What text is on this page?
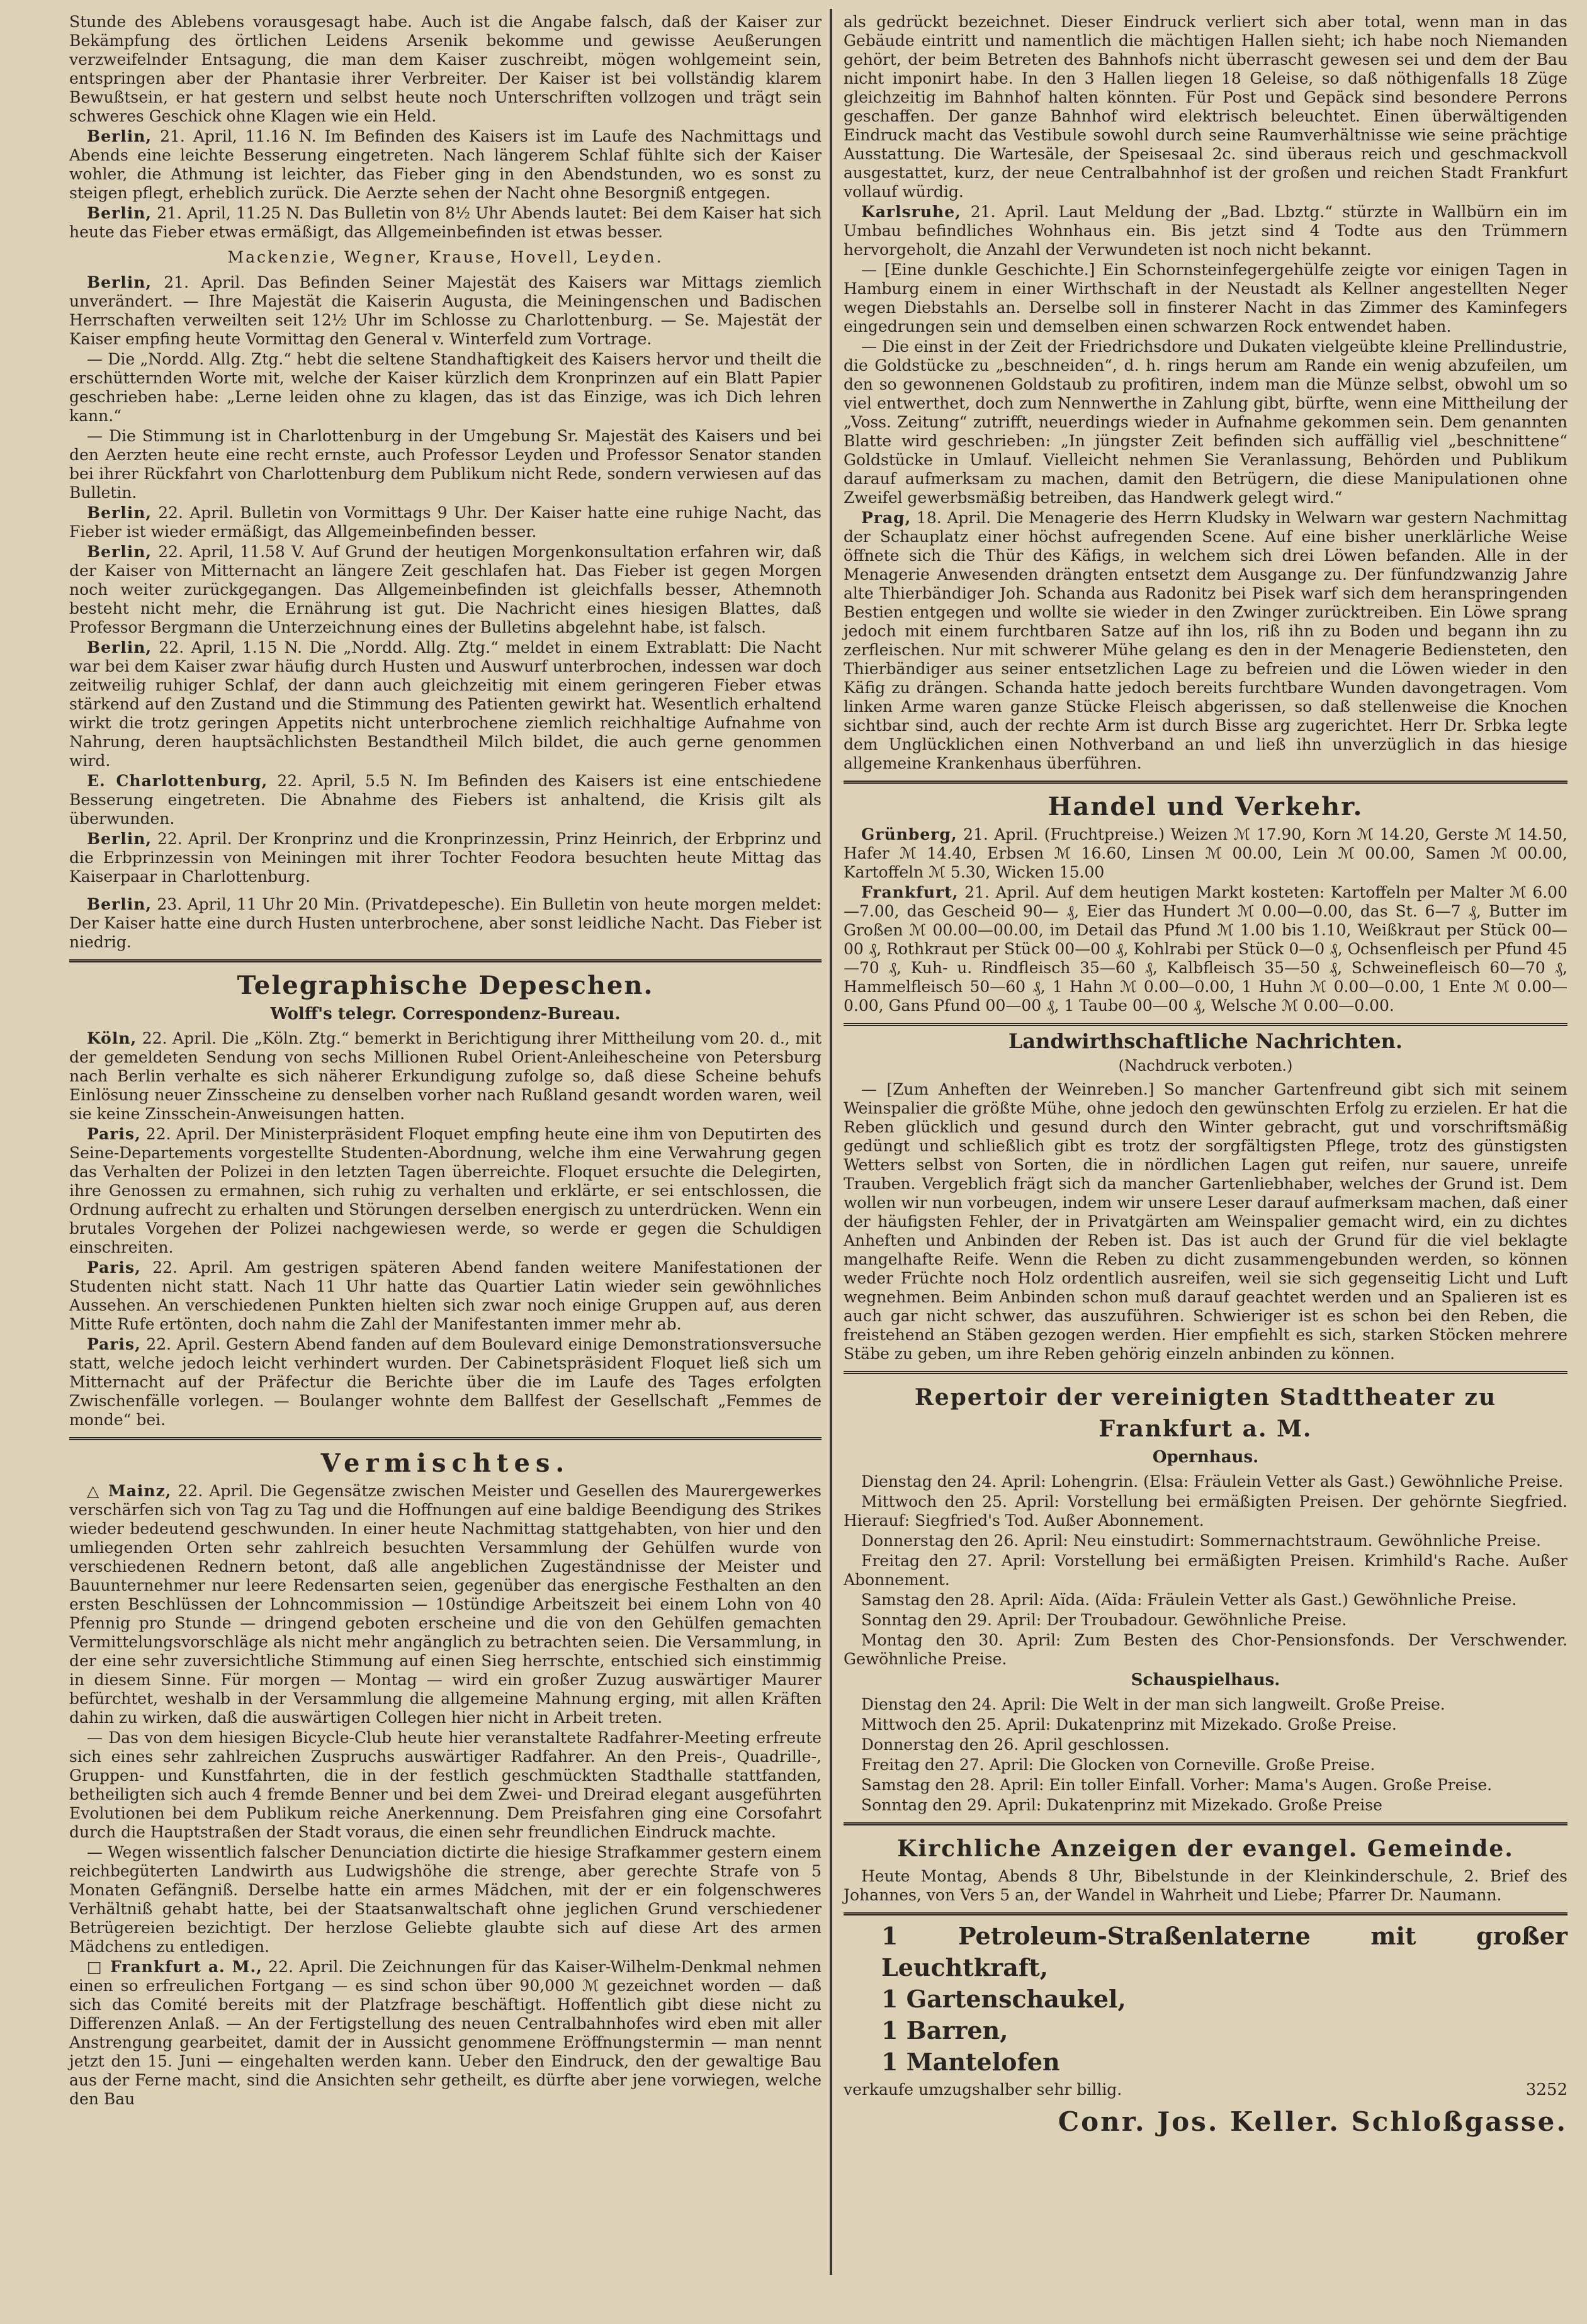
Stunde des Ablebens vorausgesagt habe. Auch ist die Angabe falsch, daß der Kaiser zur Bekämpfung des örtlichen Leidens Arsenik bekomme und gewisse Aeußerungen verzweifelnder Entsagung, die man dem Kaiser zuschreibt, mögen wohlgemeint sein, entspringen aber der Phantasie ihrer Verbreiter. Der Kaiser ist bei vollständig klarem Bewußtsein, er hat gestern und selbst heute noch Unterschriften vollzogen und trägt sein schweres Geschick ohne Klagen wie ein Held.

Berlin, 21. April, 11.16 N. Im Befinden des Kaisers ist im Laufe des Nachmittags und Abends eine leichte Besserung eingetreten. Nach längerem Schlaf fühlte sich der Kaiser wohler, die Athmung ist leichter, das Fieber ging in den Abendstunden, wo es sonst zu steigen pflegt, erheblich zurück. Die Aerzte sehen der Nacht ohne Besorgniß entgegen.

Berlin, 21. April, 11.25 N. Das Bulletin von 8½ Uhr Abends lautet: Bei dem Kaiser hat sich heute das Fieber etwas ermäßigt, das Allgemeinbefinden ist etwas besser.

Mackenzie, Wegner, Krause, Hovell, Leyden.

Berlin, 21. April. Das Befinden Seiner Majestät des Kaisers war Mittags ziemlich unverändert. — Ihre Majestät die Kaiserin Augusta, die Meiningenschen und Badischen Herrschaften verweilten seit 12½ Uhr im Schlosse zu Charlottenburg. — Se. Majestät der Kaiser empfing heute Vormittag den General v. Winterfeld zum Vortrage.

— Die „Nordd. Allg. Ztg.“ hebt die seltene Standhaftigkeit des Kaisers hervor und theilt die erschütternden Worte mit, welche der Kaiser kürzlich dem Kronprinzen auf ein Blatt Papier geschrieben habe: „Lerne leiden ohne zu klagen, das ist das Einzige, was ich Dich lehren kann.“

— Die Stimmung ist in Charlottenburg in der Umgebung Sr. Majestät des Kaisers und bei den Aerzten heute eine recht ernste, auch Professor Leyden und Professor Senator standen bei ihrer Rückfahrt von Charlottenburg dem Publikum nicht Rede, sondern verwiesen auf das Bulletin.

Berlin, 22. April. Bulletin von Vormittags 9 Uhr. Der Kaiser hatte eine ruhige Nacht, das Fieber ist wieder ermäßigt, das Allgemeinbefinden besser.

Berlin, 22. April, 11.58 V. Auf Grund der heutigen Morgenkonsultation erfahren wir, daß der Kaiser von Mitternacht an längere Zeit geschlafen hat. Das Fieber ist gegen Morgen noch weiter zurückgegangen. Das Allgemeinbefinden ist gleichfalls besser, Athemnoth besteht nicht mehr, die Ernährung ist gut. Die Nachricht eines hiesigen Blattes, daß Professor Bergmann die Unterzeichnung eines der Bulletins abgelehnt habe, ist falsch.

Berlin, 22. April, 1.15 N. Die „Nordd. Allg. Ztg.“ meldet in einem Extrablatt: Die Nacht war bei dem Kaiser zwar häufig durch Husten und Auswurf unterbrochen, indessen war doch zeitweilig ruhiger Schlaf, der dann auch gleichzeitig mit einem geringeren Fieber etwas stärkend auf den Zustand und die Stimmung des Patienten gewirkt hat. Wesentlich erhaltend wirkt die trotz geringen Appetits nicht unterbrochene ziemlich reichhaltige Aufnahme von Nahrung, deren hauptsächlichsten Bestandtheil Milch bildet, die auch gerne genommen wird.

E. Charlottenburg, 22. April, 5.5 N. Im Befinden des Kaisers ist eine entschiedene Besserung eingetreten. Die Abnahme des Fiebers ist anhaltend, die Krisis gilt als überwunden.

Berlin, 22. April. Der Kronprinz und die Kronprinzessin, Prinz Heinrich, der Erbprinz und die Erbprinzessin von Meiningen mit ihrer Tochter Feodora besuchten heute Mittag das Kaiserpaar in Charlottenburg.

Berlin, 23. April, 11 Uhr 20 Min. (Privatdepesche). Ein Bulletin von heute morgen meldet: Der Kaiser hatte eine durch Husten unterbrochene, aber sonst leidliche Nacht. Das Fieber ist niedrig.

Telegraphische Depeschen.
Wolff's telegr. Correspondenz-Bureau.

Köln, 22. April. Die „Köln. Ztg.“ bemerkt in Berichtigung ihrer Mittheilung vom 20. d., mit der gemeldeten Sendung von sechs Millionen Rubel Orient-Anleihescheine von Petersburg nach Berlin verhalte es sich näherer Erkundigung zufolge so, daß diese Scheine behufs Einlösung neuer Zinsscheine zu denselben vorher nach Rußland gesandt worden waren, weil sie keine Zinsschein-Anweisungen hatten.

Paris, 22. April. Der Ministerpräsident Floquet empfing heute eine ihm von Deputirten des Seine-Departements vorgestellte Studenten-Abordnung, welche ihm eine Verwahrung gegen das Verhalten der Polizei in den letzten Tagen überreichte. Floquet ersuchte die Delegirten, ihre Genossen zu ermahnen, sich ruhig zu verhalten und erklärte, er sei entschlossen, die Ordnung aufrecht zu erhalten und Störungen derselben energisch zu unterdrücken. Wenn ein brutales Vorgehen der Polizei nachgewiesen werde, so werde er gegen die Schuldigen einschreiten.

Paris, 22. April. Am gestrigen späteren Abend fanden weitere Manifestationen der Studenten nicht statt. Nach 11 Uhr hatte das Quartier Latin wieder sein gewöhnliches Aussehen. An verschiedenen Punkten hielten sich zwar noch einige Gruppen auf, aus deren Mitte Rufe ertönten, doch nahm die Zahl der Manifestanten immer mehr ab.

Paris, 22. April. Gestern Abend fanden auf dem Boulevard einige Demonstrationsversuche statt, welche jedoch leicht verhindert wurden. Der Cabinetspräsident Floquet ließ sich um Mitternacht auf der Präfectur die Berichte über die im Laufe des Tages erfolgten Zwischenfälle vorlegen. — Boulanger wohnte dem Ballfest der Gesellschaft „Femmes de monde“ bei.

Vermischtes.

△ Mainz, 22. April. Die Gegensätze zwischen Meister und Gesellen des Maurergewerkes verschärfen sich von Tag zu Tag und die Hoffnungen auf eine baldige Beendigung des Strikes wieder bedeutend geschwunden. In einer heute Nachmittag stattgehabten, von hier und den umliegenden Orten sehr zahlreich besuchten Versammlung der Gehülfen wurde von verschiedenen Rednern betont, daß alle angeblichen Zugeständnisse der Meister und Bauunternehmer nur leere Redensarten seien, gegenüber das energische Festhalten an den ersten Beschlüssen der Lohncommission — 10stündige Arbeitszeit bei einem Lohn von 40 Pfennig pro Stunde — dringend geboten erscheine und die von den Gehülfen gemachten Vermittelungsvorschläge als nicht mehr angänglich zu betrachten seien. Die Versammlung, in der eine sehr zuversichtliche Stimmung auf einen Sieg herrschte, entschied sich einstimmig in diesem Sinne. Für morgen — Montag — wird ein großer Zuzug auswärtiger Maurer befürchtet, weshalb in der Versammlung die allgemeine Mahnung erging, mit allen Kräften dahin zu wirken, daß die auswärtigen Collegen hier nicht in Arbeit treten.

— Das von dem hiesigen Bicycle-Club heute hier veranstaltete Radfahrer-Meeting erfreute sich eines sehr zahlreichen Zuspruchs auswärtiger Radfahrer. An den Preis-, Quadrille-, Gruppen- und Kunstfahrten, die in der festlich geschmückten Stadthalle stattfanden, betheiligten sich auch 4 fremde Benner und bei dem Zwei- und Dreirad elegant ausgeführten Evolutionen bei dem Publikum reiche Anerkennung. Dem Preisfahren ging eine Corsofahrt durch die Hauptstraßen der Stadt voraus, die einen sehr freundlichen Eindruck machte.

— Wegen wissentlich falscher Denunciation dictirte die hiesige Strafkammer gestern einem reichbegüterten Landwirth aus Ludwigshöhe die strenge, aber gerechte Strafe von 5 Monaten Gefängniß. Derselbe hatte ein armes Mädchen, mit der er ein folgenschweres Verhältniß gehabt hatte, bei der Staatsanwaltschaft ohne jeglichen Grund verschiedener Betrügereien bezichtigt. Der herzlose Geliebte glaubte sich auf diese Art des armen Mädchens zu entledigen.

□ Frankfurt a. M., 22. April. Die Zeichnungen für das Kaiser-Wilhelm-Denkmal nehmen einen so erfreulichen Fortgang — es sind schon über 90,000 ℳ gezeichnet worden — daß sich das Comité bereits mit der Platzfrage beschäftigt. Hoffentlich gibt diese nicht zu Differenzen Anlaß. — An der Fertigstellung des neuen Centralbahnhofes wird eben mit aller Anstrengung gearbeitet, damit der in Aussicht genommene Eröffnungstermin — man nennt jetzt den 15. Juni — eingehalten werden kann. Ueber den Eindruck, den der gewaltige Bau aus der Ferne macht, sind die Ansichten sehr getheilt, es dürfte aber jene vorwiegen, welche den Bau

als gedrückt bezeichnet. Dieser Eindruck verliert sich aber total, wenn man in das Gebäude eintritt und namentlich die mächtigen Hallen sieht; ich habe noch Niemanden gehört, der beim Betreten des Bahnhofs nicht überrascht gewesen sei und dem der Bau nicht imponirt habe. In den 3 Hallen liegen 18 Geleise, so daß nöthigenfalls 18 Züge gleichzeitig im Bahnhof halten könnten. Für Post und Gepäck sind besondere Perrons geschaffen. Der ganze Bahnhof wird elektrisch beleuchtet. Einen überwältigenden Eindruck macht das Vestibule sowohl durch seine Raumverhältnisse wie seine prächtige Ausstattung. Die Wartesäle, der Speisesaal 2c. sind überaus reich und geschmackvoll ausgestattet, kurz, der neue Centralbahnhof ist der großen und reichen Stadt Frankfurt vollauf würdig.

Karlsruhe, 21. April. Laut Meldung der „Bad. Lbztg.“ stürzte in Wallbürn ein im Umbau befindliches Wohnhaus ein. Bis jetzt sind 4 Todte aus den Trümmern hervorgeholt, die Anzahl der Verwundeten ist noch nicht bekannt.

— [Eine dunkle Geschichte.] Ein Schornsteinfegergehülfe zeigte vor einigen Tagen in Hamburg einem in einer Wirthschaft in der Neustadt als Kellner angestellten Neger wegen Diebstahls an. Derselbe soll in finsterer Nacht in das Zimmer des Kaminfegers eingedrungen sein und demselben einen schwarzen Rock entwendet haben.

— Die einst in der Zeit der Friedrichsdore und Dukaten vielgeübte kleine Prellindustrie, die Goldstücke zu „beschneiden“, d. h. rings herum am Rande ein wenig abzufeilen, um den so gewonnenen Goldstaub zu profitiren, indem man die Münze selbst, obwohl um so viel entwerthet, doch zum Nennwerthe in Zahlung gibt, bürfte, wenn eine Mittheilung der „Voss. Zeitung“ zutrifft, neuerdings wieder in Aufnahme gekommen sein. Dem genannten Blatte wird geschrieben: „In jüngster Zeit befinden sich auffällig viel „beschnittene“ Goldstücke in Umlauf. Vielleicht nehmen Sie Veranlassung, Behörden und Publikum darauf aufmerksam zu machen, damit den Betrügern, die diese Manipulationen ohne Zweifel gewerbsmäßig betreiben, das Handwerk gelegt wird.“

Prag, 18. April. Die Menagerie des Herrn Kludsky in Welwarn war gestern Nachmittag der Schauplatz einer höchst aufregenden Scene. Auf eine bisher unerklärliche Weise öffnete sich die Thür des Käfigs, in welchem sich drei Löwen befanden. Alle in der Menagerie Anwesenden drängten entsetzt dem Ausgange zu. Der fünfundzwanzig Jahre alte Thierbändiger Joh. Schanda aus Radonitz bei Pisek warf sich dem heranspringenden Bestien entgegen und wollte sie wieder in den Zwinger zurücktreiben. Ein Löwe sprang jedoch mit einem furchtbaren Satze auf ihn los, riß ihn zu Boden und begann ihn zu zerfleischen. Nur mit schwerer Mühe gelang es den in der Menagerie Bediensteten, den Thierbändiger aus seiner entsetzlichen Lage zu befreien und die Löwen wieder in den Käfig zu drängen. Schanda hatte jedoch bereits furchtbare Wunden davongetragen. Vom linken Arme waren ganze Stücke Fleisch abgerissen, so daß stellenweise die Knochen sichtbar sind, auch der rechte Arm ist durch Bisse arg zugerichtet. Herr Dr. Srbka legte dem Unglücklichen einen Nothverband an und ließ ihn unverzüglich in das hiesige allgemeine Krankenhaus überführen.

Handel und Verkehr.

Grünberg, 21. April. (Fruchtpreise.) Weizen ℳ 17.90, Korn ℳ 14.20, Gerste ℳ 14.50, Hafer ℳ 14.40, Erbsen ℳ 16.60, Linsen ℳ 00.00, Lein ℳ 00.00, Samen ℳ 00.00, Kartoffeln ℳ 5.30, Wicken 15.00

Frankfurt, 21. April. Auf dem heutigen Markt kosteten: Kartoffeln per Malter ℳ 6.00—7.00, das Gescheid 90— ₰, Eier das Hundert ℳ 0.00—0.00, das St. 6—7 ₰, Butter im Großen ℳ 00.00—00.00, im Detail das Pfund ℳ 1.00 bis 1.10, Weißkraut per Stück 00—00 ₰, Rothkraut per Stück 00—00 ₰, Kohlrabi per Stück 0—0 ₰, Ochsenfleisch per Pfund 45—70 ₰, Kuh- u. Rindfleisch 35—60 ₰, Kalbfleisch 35—50 ₰, Schweinefleisch 60—70 ₰, Hammelfleisch 50—60 ₰, 1 Hahn ℳ 0.00—0.00, 1 Huhn ℳ 0.00—0.00, 1 Ente ℳ 0.00—0.00, Gans Pfund 00—00 ₰, 1 Taube 00—00 ₰, Welsche ℳ 0.00—0.00.

Landwirthschaftliche Nachrichten.

(Nachdruck verboten.)

— [Zum Anheften der Weinreben.] So mancher Gartenfreund gibt sich mit seinem Weinspalier die größte Mühe, ohne jedoch den gewünschten Erfolg zu erzielen. Er hat die Reben glücklich und gesund durch den Winter gebracht, gut und vorschriftsmäßig gedüngt und schließlich gibt es trotz der sorgfältigsten Pflege, trotz des günstigsten Wetters selbst von Sorten, die in nördlichen Lagen gut reifen, nur sauere, unreife Trauben. Vergeblich frägt sich da mancher Gartenliebhaber, welches der Grund ist. Dem wollen wir nun vorbeugen, indem wir unsere Leser darauf aufmerksam machen, daß einer der häufigsten Fehler, der in Privatgärten am Weinspalier gemacht wird, ein zu dichtes Anheften und Anbinden der Reben ist. Das ist auch der Grund für die viel beklagte mangelhafte Reife. Wenn die Reben zu dicht zusammengebunden werden, so können weder Früchte noch Holz ordentlich ausreifen, weil sie sich gegenseitig Licht und Luft wegnehmen. Beim Anbinden schon muß darauf geachtet werden und an Spalieren ist es auch gar nicht schwer, das auszuführen. Schwieriger ist es schon bei den Reben, die freistehend an Stäben gezogen werden. Hier empfiehlt es sich, starken Stöcken mehrere Stäbe zu geben, um ihre Reben gehörig einzeln anbinden zu können.

Repertoir der vereinigten Stadttheater zu Frankfurt a. M.
Opernhaus.

Dienstag den 24. April: Lohengrin. (Elsa: Fräulein Vetter als Gast.) Gewöhnliche Preise.

Mittwoch den 25. April: Vorstellung bei ermäßigten Preisen. Der gehörnte Siegfried. Hierauf: Siegfried's Tod. Außer Abonnement.

Donnerstag den 26. April: Neu einstudirt: Sommernachtstraum. Gewöhnliche Preise.

Freitag den 27. April: Vorstellung bei ermäßigten Preisen. Krimhild's Rache. Außer Abonnement.

Samstag den 28. April: Aïda. (Aïda: Fräulein Vetter als Gast.) Gewöhnliche Preise.

Sonntag den 29. April: Der Troubadour. Gewöhnliche Preise.

Montag den 30. April: Zum Besten des Chor-Pensionsfonds. Der Verschwender. Gewöhnliche Preise.

Schauspielhaus.

Dienstag den 24. April: Die Welt in der man sich langweilt. Große Preise.

Mittwoch den 25. April: Dukatenprinz mit Mizekado. Große Preise.

Donnerstag den 26. April geschlossen.

Freitag den 27. April: Die Glocken von Corneville. Große Preise.

Samstag den 28. April: Ein toller Einfall. Vorher: Mama's Augen. Große Preise.

Sonntag den 29. April: Dukatenprinz mit Mizekado. Große Preise

Kirchliche Anzeigen der evangel. Gemeinde.

Heute Montag, Abends 8 Uhr, Bibelstunde in der Kleinkinderschule, 2. Brief des Johannes, von Vers 5 an, der Wandel in Wahrheit und Liebe; Pfarrer Dr. Naumann.

1 Petroleum-Straßenlaterne mit großer Leuchtkraft,

1 Gartenschaukel,

1 Barren,

1 Mantelofen

verkaufe umzugshalber sehr billig.	3252

Conr. Jos. Keller. Schloßgasse.
